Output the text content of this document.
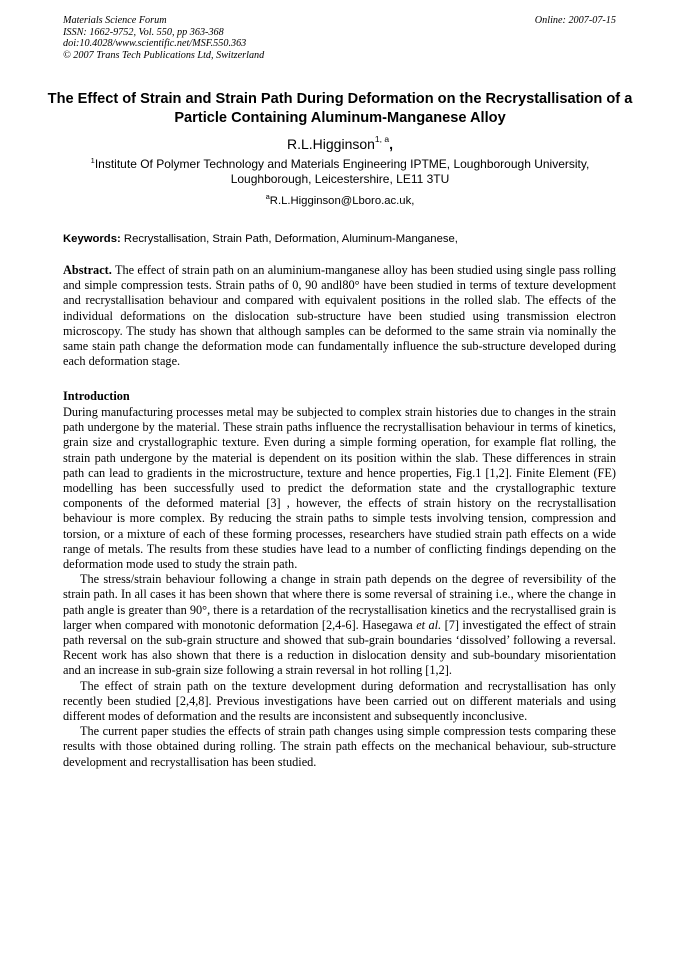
Materials Science Forum
ISSN: 1662-9752, Vol. 550, pp 363-368
doi:10.4028/www.scientific.net/MSF.550.363
© 2007 Trans Tech Publications Ltd, Switzerland
Online: 2007-07-15
The Effect of Strain and Strain Path During Deformation on the Recrystallisation of a Particle Containing Aluminum-Manganese Alloy
R.L.Higginson$^{1, a}$,
$^1$Institute Of Polymer Technology and Materials Engineering IPTME, Loughborough University, Loughborough, Leicestershire, LE11 3TU
$^a$R.L.Higginson@Lboro.ac.uk,
Keywords: Recrystallisation, Strain Path, Deformation, Aluminum-Manganese,
Abstract. The effect of strain path on an aluminium-manganese alloy has been studied using single pass rolling and simple compression tests. Strain paths of 0, 90 andl80° have been studied in terms of texture development and recrystallisation behaviour and compared with equivalent positions in the rolled slab. The effects of the individual deformations on the dislocation sub-structure have been studied using transmission electron microscopy. The study has shown that although samples can be deformed to the same strain via nominally the same stain path change the deformation mode can fundamentally influence the sub-structure developed during each deformation stage.
Introduction

During manufacturing processes metal may be subjected to complex strain histories due to changes in the strain path undergone by the material. These strain paths influence the recrystallisation behaviour in terms of kinetics, grain size and crystallographic texture. Even during a simple forming operation, for example flat rolling, the strain path undergone by the material is dependent on its position within the slab. These differences in strain path can lead to gradients in the microstructure, texture and hence properties, Fig.1 [1,2]. Finite Element (FE) modelling has been successfully used to predict the deformation state and the crystallographic texture components of the deformed material [3] , however, the effects of strain history on the recrystallisation behaviour is more complex. By reducing the strain paths to simple tests involving tension, compression and torsion, or a mixture of each of these forming processes, researchers have studied strain path effects on a wide range of metals. The results from these studies have lead to a number of conflicting findings depending on the deformation mode used to study the strain path.

The stress/strain behaviour following a change in strain path depends on the degree of reversibility of the strain path. In all cases it has been shown that where there is some reversal of straining i.e., where the change in path angle is greater than 90°, there is a retardation of the recrystallisation kinetics and the recrystallised grain is larger when compared with monotonic deformation [2,4-6]. Hasegawa et al. [7] investigated the effect of strain path reversal on the sub-grain structure and showed that sub-grain boundaries ‘dissolved’ following a reversal. Recent work has also shown that there is a reduction in dislocation density and sub-boundary misorientation and an increase in sub-grain size following a strain reversal in hot rolling [1,2].

The effect of strain path on the texture development during deformation and recrystallisation has only recently been studied [2,4,8]. Previous investigations have been carried out on different materials and using different modes of deformation and the results are inconsistent and subsequently inconclusive.

The current paper studies the effects of strain path changes using simple compression tests comparing these results with those obtained during rolling. The strain path effects on the mechanical behaviour, sub-structure development and recrystallisation has been studied.
